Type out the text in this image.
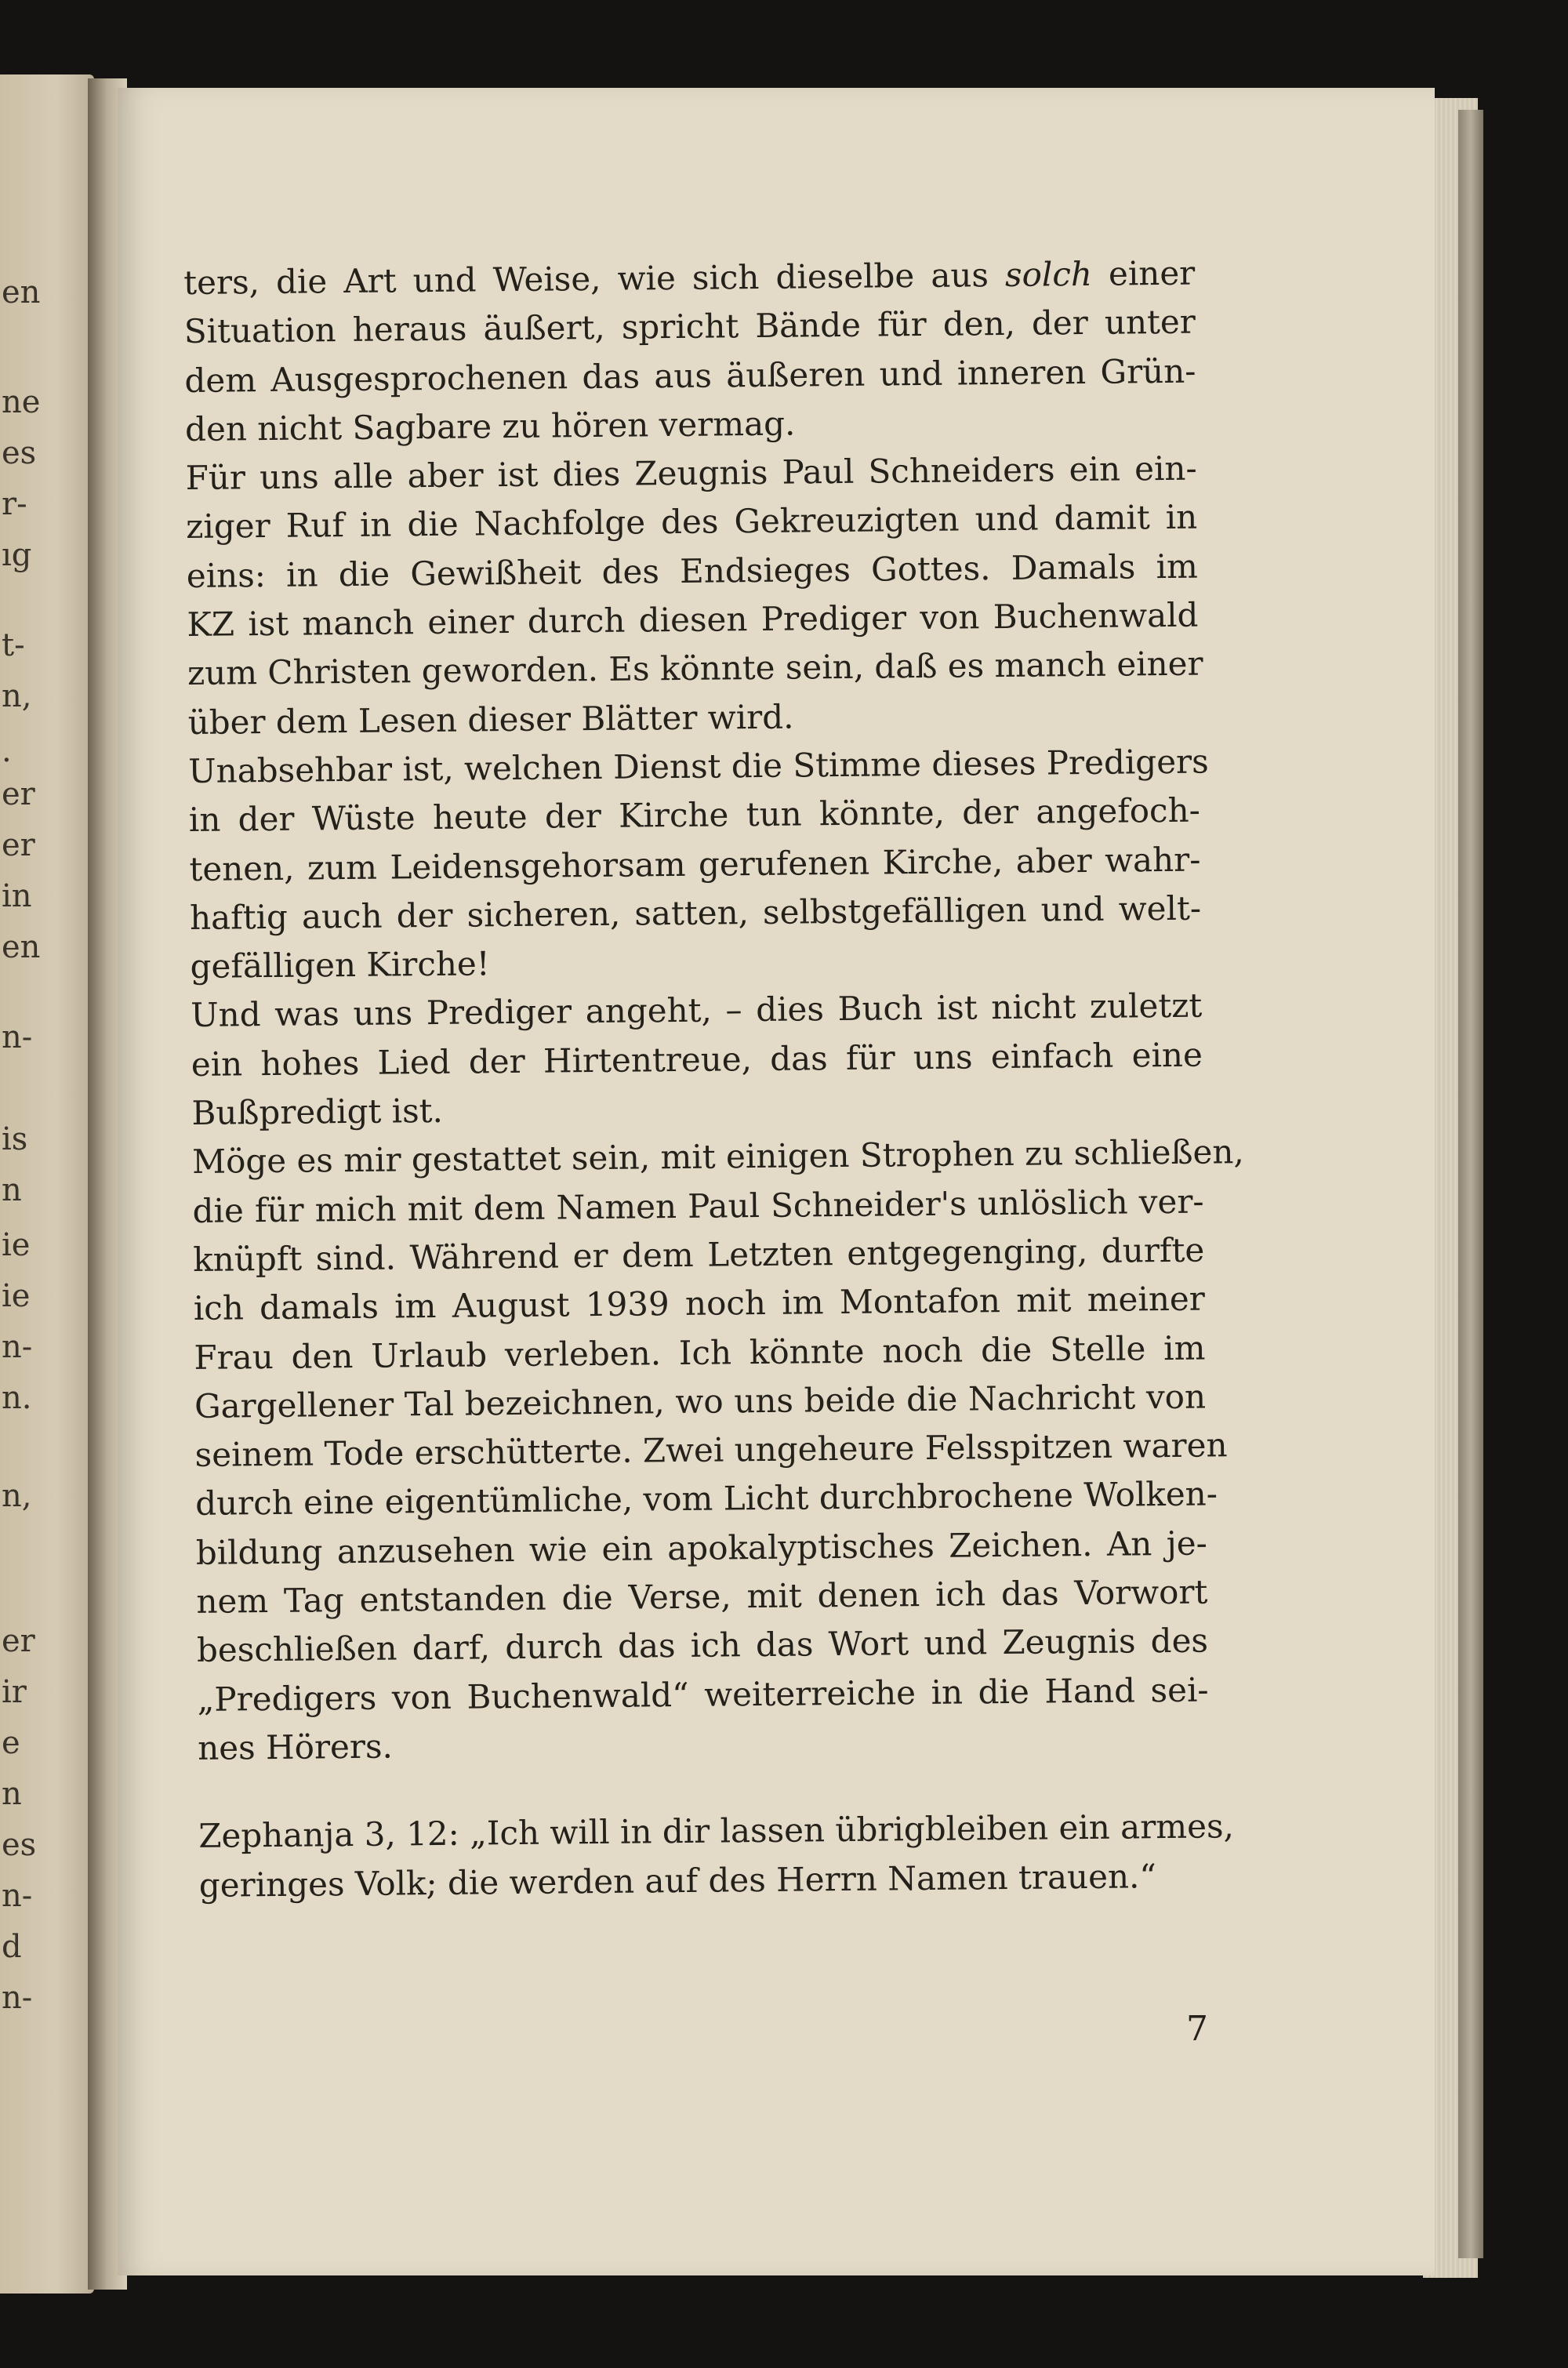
en
ne
es
r-
ıg
t-
n,
.
er
er
in
en
n-
is
n
ie
ie
n-
n.
n,
er
ir
e
n
es
n-
d
n-
ters, die Art und Weise, wie sich dieselbe aus solch einer
Situation heraus äußert, spricht Bände für den, der unter
dem Ausgesprochenen das aus äußeren und inneren Grün-
den nicht Sagbare zu hören vermag.
Für uns alle aber ist dies Zeugnis Paul Schneiders ein ein-
ziger Ruf in die Nachfolge des Gekreuzigten und damit in
eins: in die Gewißheit des Endsieges Gottes. Damals im
KZ ist manch einer durch diesen Prediger von Buchenwald
zum Christen geworden. Es könnte sein, daß es manch einer
über dem Lesen dieser Blätter wird.
Unabsehbar ist, welchen Dienst die Stimme dieses Predigers
in der Wüste heute der Kirche tun könnte, der angefoch-
tenen, zum Leidensgehorsam gerufenen Kirche, aber wahr-
haftig auch der sicheren, satten, selbstgefälligen und welt-
gefälligen Kirche!
Und was uns Prediger angeht, – dies Buch ist nicht zuletzt
ein hohes Lied der Hirtentreue, das für uns einfach eine
Bußpredigt ist.
Möge es mir gestattet sein, mit einigen Strophen zu schließen,
die für mich mit dem Namen Paul Schneider's unlöslich ver-
knüpft sind. Während er dem Letzten entgegenging, durfte
ich damals im August 1939 noch im Montafon mit meiner
Frau den Urlaub verleben. Ich könnte noch die Stelle im
Gargellener Tal bezeichnen, wo uns beide die Nachricht von
seinem Tode erschütterte. Zwei ungeheure Felsspitzen waren
durch eine eigentümliche, vom Licht durchbrochene Wolken-
bildung anzusehen wie ein apokalyptisches Zeichen. An je-
nem Tag entstanden die Verse, mit denen ich das Vorwort
beschließen darf, durch das ich das Wort und Zeugnis des
„Predigers von Buchenwald“ weiterreiche in die Hand sei-
nes Hörers.
Zephanja 3, 12: „Ich will in dir lassen übrigbleiben ein armes,
geringes Volk; die werden auf des Herrn Namen trauen.“
7
